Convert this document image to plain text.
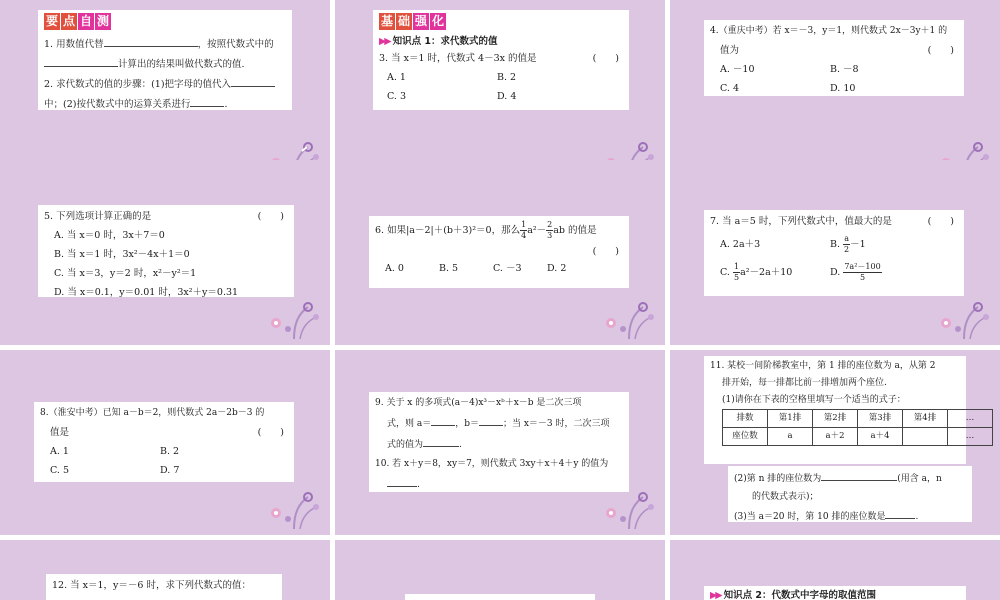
要 点 自 测
1. 用数值代替	，按照代数式中的
计算出的结果叫做代数式的值.
2. 求代数式的值的步骤：(1)把字母的值代入
中；(2)按代数式中的运算关系进行	.
基 础 强 化
▶▶ 知识点 1：求代数式的值
3. 当 x＝1 时，代数式 4－3x 的值是	(　　)
A. 1	B. 2
C. 3	D. 4
4.（重庆中考）若 x＝－3，y＝1，则代数式 2x－3y＋1 的
值为	(　　)
A. －10	B. －8
C. 4	D. 10
5. 下列选项计算正确的是	(　　)
A. 当 x＝0 时，3x＋7＝0
B. 当 x＝1 时，3x²－4x＋1＝0
C. 当 x＝3，y＝2 时，x²－y²＝1
D. 当 x＝0.1，y＝0.01 时，3x²＋y＝0.31
6. 如果|a－2|＋(b＋3)²＝0，那么 $\frac{1}{4} a^2- \frac{2}{3}$ ab 的值是
(　　)
A. 0	B. 5	C. －3	D. 2
7. 当 a＝5 时，下列代数式中，值最大的是	(　　)
A. 2a＋3	B. $\frac{a}{2} -1$
C. $\frac{1}{5} a^2-2a+10$	D. $\frac{\text{7a²－100}}{5}$
8.（淮安中考）已知 a－b＝2，则代数式 2a－2b－3 的
值是	(　　)
A. 1	B. 2
C. 5	D. 7
9. 关于 x 的多项式(a－4)x³－xᵇ＋x－b 是二次三项
式，则 a＝	，b＝	；当 x＝－3 时，二次三项
式的值为	.
10. 若 x＋y＝8，xy＝7，则代数式 3xy＋x＋4＋y 的值为
.
11. 某校一间阶梯教室中，第 1 排的座位数为 a，从第 2
排开始，每一排都比前一排增加两个座位.
(1)请你在下表的空格里填写一个适当的式子：
排数	第1排	第2排	第3排	第4排	…
座位数	a	a＋2	a＋4		…
(2)第 n 排的座位数为	(用含 a，n
的代数式表示)；
(3)当 a＝20 时，第 10 排的座位数是	.
12. 当 x＝1，y＝－6 时，求下列代数式的值：
▶▶ 知识点 2：代数式中字母的取值范围
